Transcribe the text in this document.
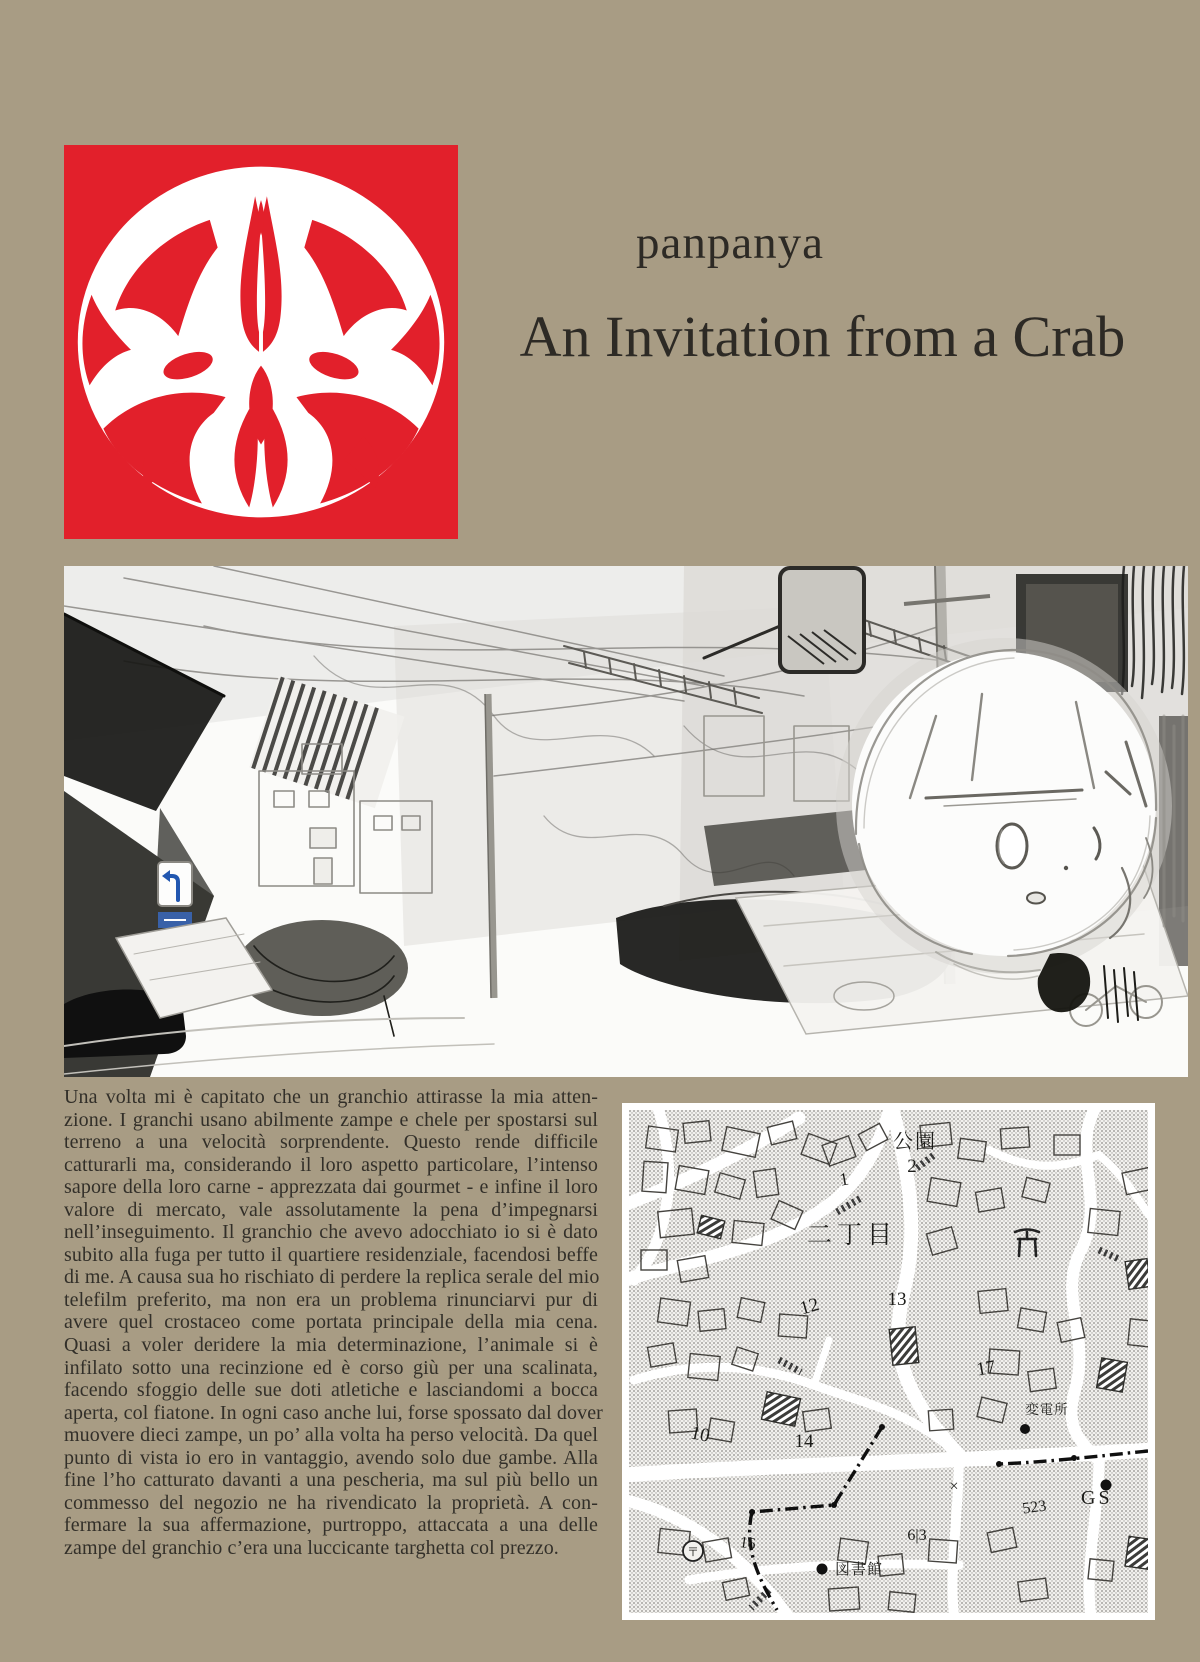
panpanya
An Invitation from a Crab
Una volta mi è capitato che un granchio attirasse la mia atten-
zione. I granchi usano abilmente zampe e chele per spostarsi sul
terreno a una velocità sorprendente. Questo rende difficile
catturarli ma, considerando il loro aspetto particolare, l’intenso
sapore della loro carne - apprezzata dai gourmet - e infine il loro
valore di mercato, vale assolutamente la pena d’impegnarsi
nell’inseguimento. Il granchio che avevo adocchiato io si è dato
subito alla fuga per tutto il quartiere residenziale, facendosi beffe
di me. A causa sua ho rischiato di perdere la replica serale del mio
telefilm preferito, ma non era un problema rinunciarvi pur di
avere quel crostaceo come portata principale della mia cena.
Quasi a voler deridere la mia determinazione, l’animale si è
infilato sotto una recinzione ed è corso giù per una scalinata,
facendo sfoggio delle sue doti atletiche e lasciandomi a bocca
aperta, col fiatone. In ogni caso anche lui, forse spossato dal dover
muovere dieci zampe, un po’ alla volta ha perso velocità. Da quel
punto di vista io ero in vantaggio, avendo solo due gambe. Alla
fine l’ho catturato davanti a una pescheria, ma sul più bello un
commesso del negozio ne ha rivendicato la proprietà. A con-
fermare la sua affermazione, purtroppo, attaccata a una delle
zampe del granchio c’era una luccicante targhetta col prezzo.	〒
公園
2
1
二丁目
13
12
17
10	14
×
変電所
523 GS
6|3
16
図書館
